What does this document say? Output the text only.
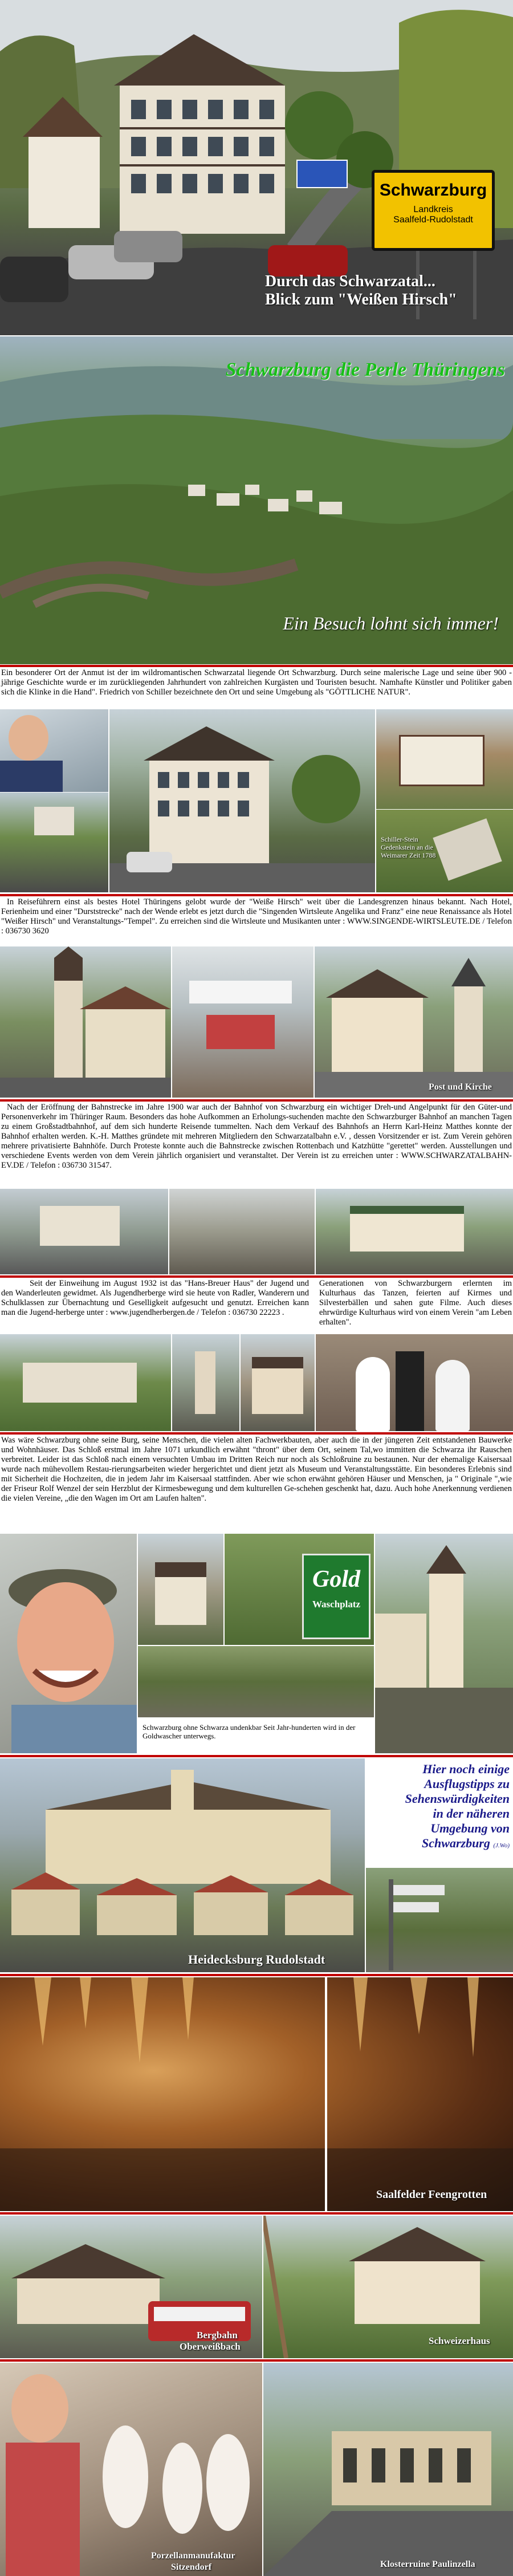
Schwarzburg
Landkreis
Saalfeld-Rudolstadt
Durch das Schwarzatal...
Blick zum "Weißen Hirsch"
Schwarzburg die Perle Thüringens
Ein Besuch lohnt sich immer!
Ein besonderer Ort der Anmut ist der im wildromantischen Schwarzatal liegende Ort Schwarzburg. Durch seine malerische Lage und seine über 900 -jährige Geschichte wurde er im zurückliegenden Jahrhundert von zahlreichen Kurgästen und Touristen besucht. Namhafte Künstler und Politiker gaben sich die Klinke in die Hand". Friedrich von Schiller bezeichnete den Ort und seine Umgebung als "GÖTTLICHE NATUR".
Schiller-Stein Gedenkstein an die Weimarer Zeit 1788
In Reiseführern einst als bestes Hotel Thüringens gelobt wurde der "Weiße Hirsch" weit über die Landesgrenzen hinaus bekannt. Nach Hotel, Ferienheim und einer "Durststrecke" nach der Wende erlebt es jetzt durch die "Singenden Wirtsleute Angelika und Franz" eine neue Renaissance als Hotel "Weißer Hirsch" und Veranstaltungs-"Tempel". Zu erreichen sind die Wirtsleute und Musikanten unter : WWW.SINGENDE-WIRTSLEUTE.DE / Telefon : 036730 3620
Post und Kirche
Nach der Eröffnung der Bahnstrecke im Jahre 1900 war auch der Bahnhof von Schwarzburg ein wichtiger Dreh-und Angelpunkt für den Güter-und Personenverkehr im Thüringer Raum. Besonders das hohe Aufkommen an Erholungs-suchenden machte den Schwarzburger Bahnhof an manchen Tagen zu einem Großstadtbahnhof, auf dem sich hunderte Reisende tummelten. Nach dem Verkauf des Bahnhofs an Herrn Karl-Heinz Matthes konnte der Bahnhof erhalten werden. K.-H. Matthes gründete mit mehreren Mitgliedern den Schwarzatalbahn e.V. , dessen Vorsitzender er ist. Zum Verein gehören mehrere privatisierte Bahnhöfe. Durch Proteste konnte auch die Bahnstrecke zwischen Rottenbach und Katzhütte "gerettet" werden. Ausstellungen und verschiedene Events werden von dem Verein jährlich organisiert und veranstaltet. Der Verein ist zu erreichen unter : WWW.SCHWARZATALBAHN-EV.DE / Telefon : 036730 31547.
Seit der Einweihung im August 1932 ist das "Hans-Breuer Haus" der Jugend und den Wanderleuten gewidmet. Als Jugendherberge wird sie heute von Radler, Wanderern und Schulklassen zur Übernachtung und Geselligkeit aufgesucht und genutzt. Erreichen kann man die Jugend-herberge unter : www.jugendherbergen.de / Telefon : 036730 22223 .
Generationen von Schwarzburgern erlernten im Kulturhaus das Tanzen, feierten auf Kirmes und Silvesterbällen und sahen gute Filme. Auch dieses ehrwürdige Kulturhaus wird von einem Verein "am Leben erhalten".
Was wäre Schwarzburg ohne seine Burg, seine Menschen, die vielen alten Fachwerkbauten, aber auch die in der jüngeren Zeit entstandenen Bauwerke und Wohnhäuser. Das Schloß erstmal im Jahre 1071 urkundlich erwähnt "thront" über dem Ort, seinem Tal,wo immitten die Schwarza ihr Rauschen verbreitet. Leider ist das Schloß nach einem versuchten Umbau im Dritten Reich nur noch als Schloßruine zu bestaunen. Nur der ehemalige Kaisersaal wurde nach mühevollem Restau-rierungsarbeiten wieder hergerichtet und dient jetzt als Museum und Veranstaltungsstätte. Ein besonderes Erlebnis sind mit Sicherheit die Hochzeiten, die in jedem Jahr im Kaisersaal stattfinden. Aber wie schon erwähnt gehören Häuser und Menschen, ja " Originale ",wie der Friseur Rolf Wenzel der sein Herzblut der Kirmesbewegung und dem kulturellen Ge-schehen geschenkt hat, dazu. Auch hohe Anerkennung verdienen die vielen Vereine, „die den Wagen im Ort am Laufen halten".
Gold
Waschplatz
Schwarzburg ohne Schwarza undenkbar Seit Jahr-hunderten wird in der Goldwascher unterwegs.
Heidecksburg Rudolstadt
Hier noch einige
Ausflugstipps zu
Sehenswürdigkeiten
in der näheren
Umgebung von
Schwarzburg (J.Wo)
Saalfelder Feengrotten
Bergbahn
Oberweißbach
Schweizerhaus
Porzellanmanufaktur
Sitzendorf	Klosterruine Paulinzella
